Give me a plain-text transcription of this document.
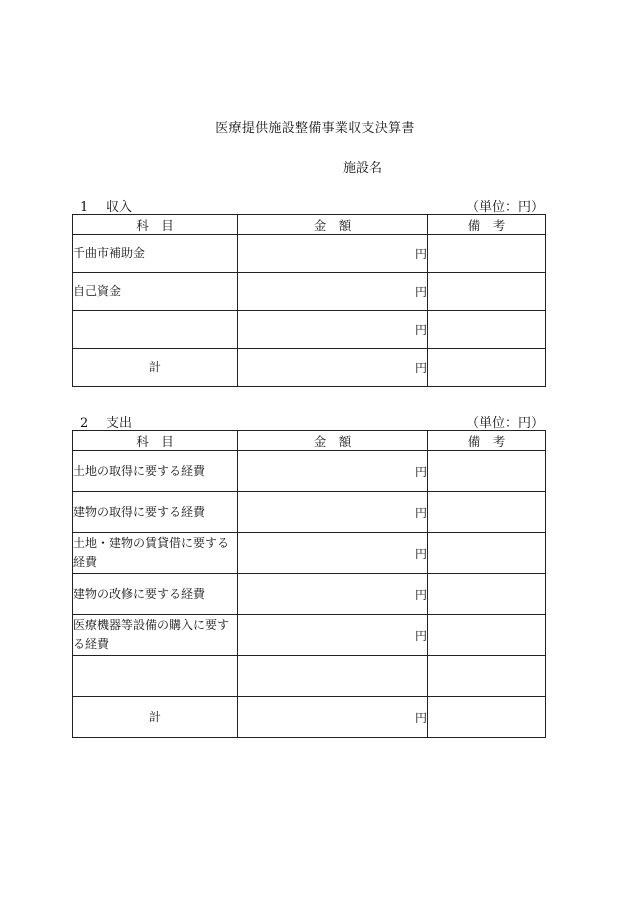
医療提供施設整備事業収支決算書
施設名
1 収入	（単位：円）
科　目	金　額	備　考
千曲市補助金	円	
自己資金	円	
	円	
計	円	
2 支出	（単位：円）
科　目	金　額	備　考
土地の取得に要する経費	円	
建物の取得に要する経費	円	
土地・建物の賃貸借に要する経費	円	
建物の改修に要する経費	円	
医療機器等設備の購入に要する経費	円	

計	円	
